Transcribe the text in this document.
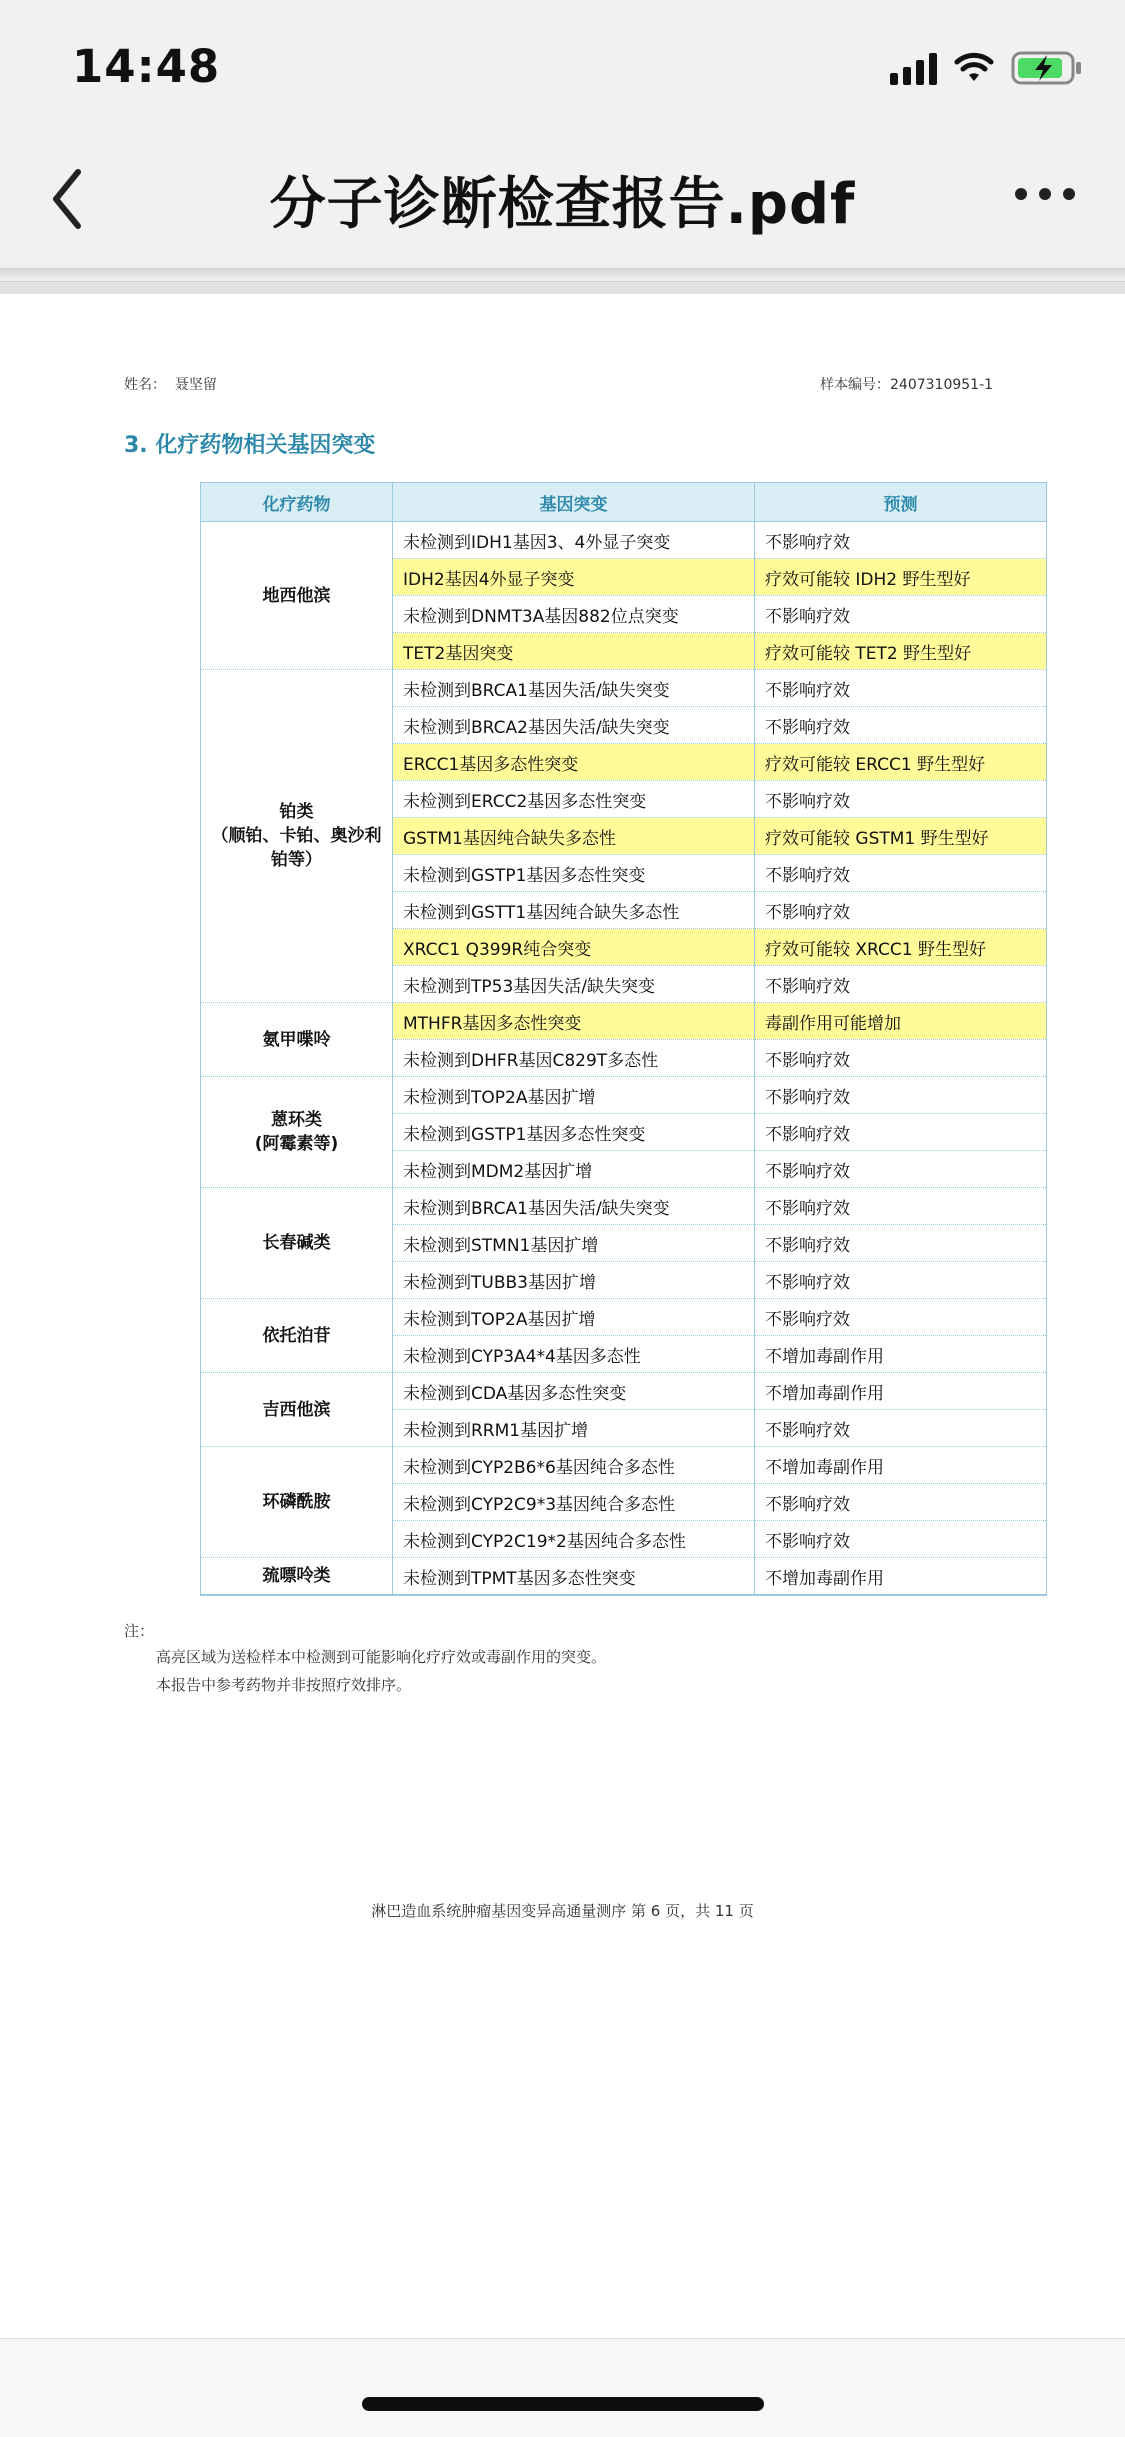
14:48
分子诊断检查报告.pdf
姓名： 聂坚留	样本编号：2407310951-1
3. 化疗药物相关基因突变
化疗药物	基因突变	预测
地西他滨	未检测到IDH1基因3、4外显子突变	不影响疗效
	IDH2基因4外显子突变	疗效可能较 IDH2 野生型好
	未检测到DNMT3A基因882位点突变	不影响疗效
	TET2基因突变	疗效可能较 TET2 野生型好
铂类
（顺铂、卡铂、奥沙利铂等）	未检测到BRCA1基因失活/缺失突变	不影响疗效
	未检测到BRCA2基因失活/缺失突变	不影响疗效
	ERCC1基因多态性突变	疗效可能较 ERCC1 野生型好
	未检测到ERCC2基因多态性突变	不影响疗效
	GSTM1基因纯合缺失多态性	疗效可能较 GSTM1 野生型好
	未检测到GSTP1基因多态性突变	不影响疗效
	未检测到GSTT1基因纯合缺失多态性	不影响疗效
	XRCC1 Q399R纯合突变	疗效可能较 XRCC1 野生型好
	未检测到TP53基因失活/缺失突变	不影响疗效
氨甲喋呤	MTHFR基因多态性突变	毒副作用可能增加
	未检测到DHFR基因C829T多态性	不影响疗效
蒽环类
(阿霉素等)	未检测到TOP2A基因扩增	不影响疗效
	未检测到GSTP1基因多态性突变	不影响疗效
	未检测到MDM2基因扩增	不影响疗效
长春碱类	未检测到BRCA1基因失活/缺失突变	不影响疗效
	未检测到STMN1基因扩增	不影响疗效
	未检测到TUBB3基因扩增	不影响疗效
依托泊苷	未检测到TOP2A基因扩增	不影响疗效
	未检测到CYP3A4*4基因多态性	不增加毒副作用
吉西他滨	未检测到CDA基因多态性突变	不增加毒副作用
	未检测到RRM1基因扩增	不影响疗效
环磷酰胺	未检测到CYP2B6*6基因纯合多态性	不增加毒副作用
	未检测到CYP2C9*3基因纯合多态性	不影响疗效
	未检测到CYP2C19*2基因纯合多态性	不影响疗效
巯嘌呤类	未检测到TPMT基因多态性突变	不增加毒副作用
注：
高亮区域为送检样本中检测到可能影响化疗疗效或毒副作用的突变。
本报告中参考药物并非按照疗效排序。
淋巴造血系统肿瘤基因变异高通量测序 第 6 页，共 11 页
